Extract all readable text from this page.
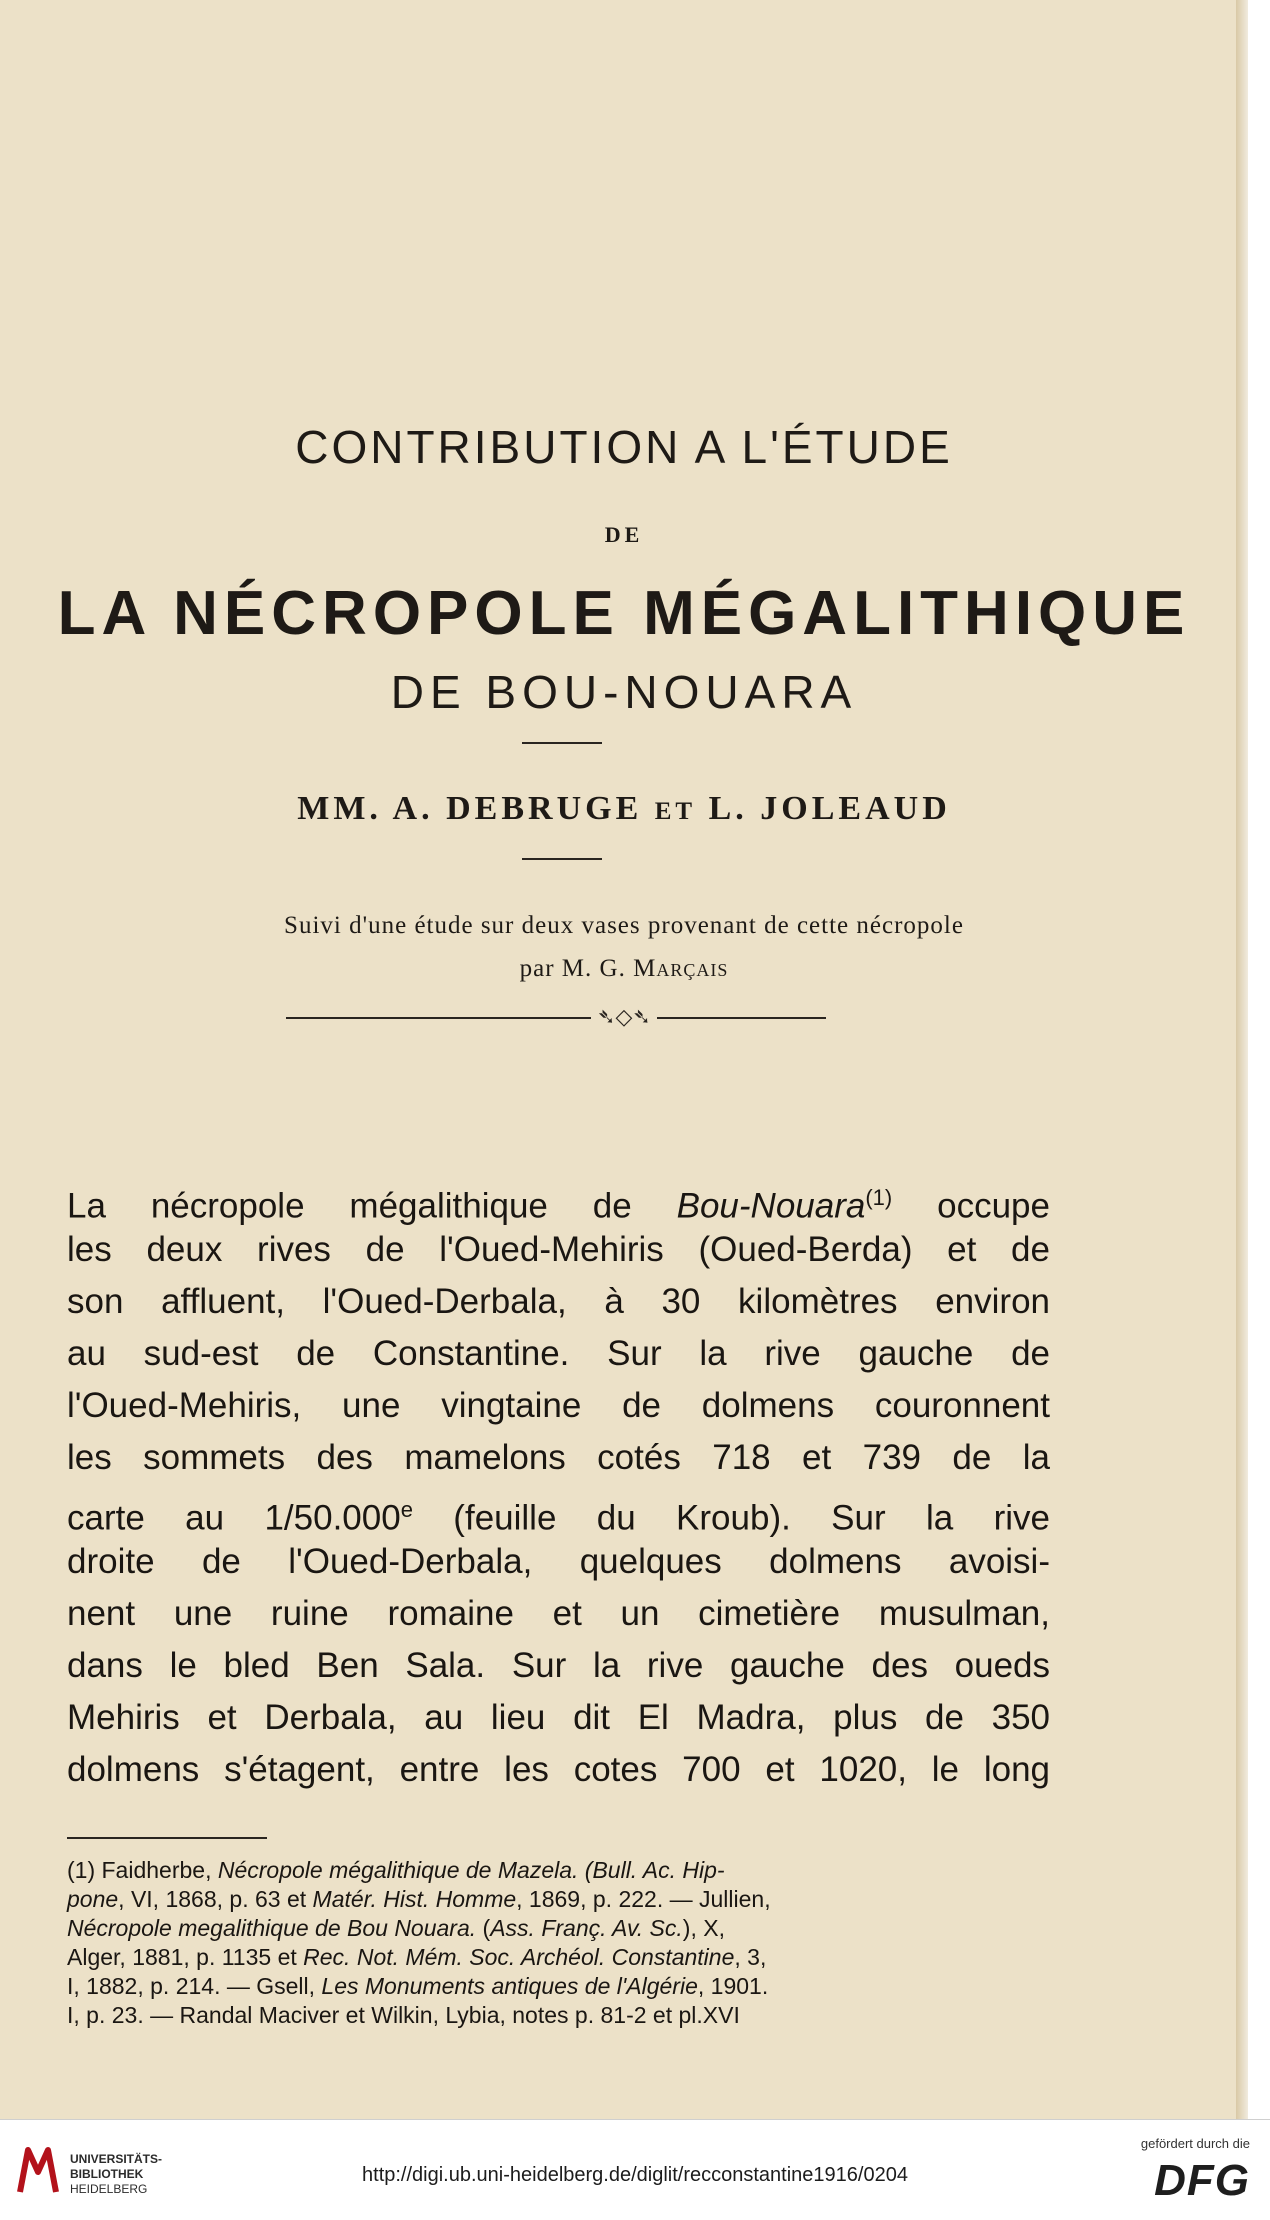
CONTRIBUTION A L'ÉTUDE
DE
LA NÉCROPOLE MÉGALITHIQUE
DE BOU-NOUARA
MM. A. DEBRUGE ET L. JOLEAUD
Suivi d'une étude sur deux vases provenant de cette nécropole
par M. G. Marçais
➴◇➴
La nécropole mégalithique de Bou-Nouara$^{(1)}$ occupe
les deux rives de l'Oued-Mehiris (Oued-Berda) et de
son affluent, l'Oued-Derbala, à 30 kilomètres environ
au sud-est de Constantine. Sur la rive gauche de
l'Oued-Mehiris, une vingtaine de dolmens couronnent
les sommets des mamelons cotés 718 et 739 de la
carte au 1/50.000e (feuille du Kroub). Sur la rive
droite de l'Oued-Derbala, quelques dolmens avoisi-
nent une ruine romaine et un cimetière musulman,
dans le bled Ben Sala. Sur la rive gauche des oueds
Mehiris et Derbala, au lieu dit El Madra, plus de 350
dolmens s'étagent, entre les cotes 700 et 1020, le long
(1) Faidherbe, Nécropole mégalithique de Mazela. (Bull. Ac. Hip-
pone, VI, 1868, p. 63 et Matér. Hist. Homme, 1869, p. 222. — Jullien,
Nécropole megalithique de Bou Nouara. (Ass. Franç. Av. Sc.), X,
Alger, 1881, p. 1135 et Rec. Not. Mém. Soc. Archéol. Constantine, 3,
I, 1882, p. 214. — Gsell, Les Monuments antiques de l'Algérie, 1901.
I, p. 23. — Randal Maciver et Wilkin, Lybia, notes p. 81-2 et pl.XVI
UNIVERSITÄTS-
BIBLIOTHEK
HEIDELBERG
http://digi.ub.uni-heidelberg.de/diglit/recconstantine1916/0204
gefördert durch die
DFG
